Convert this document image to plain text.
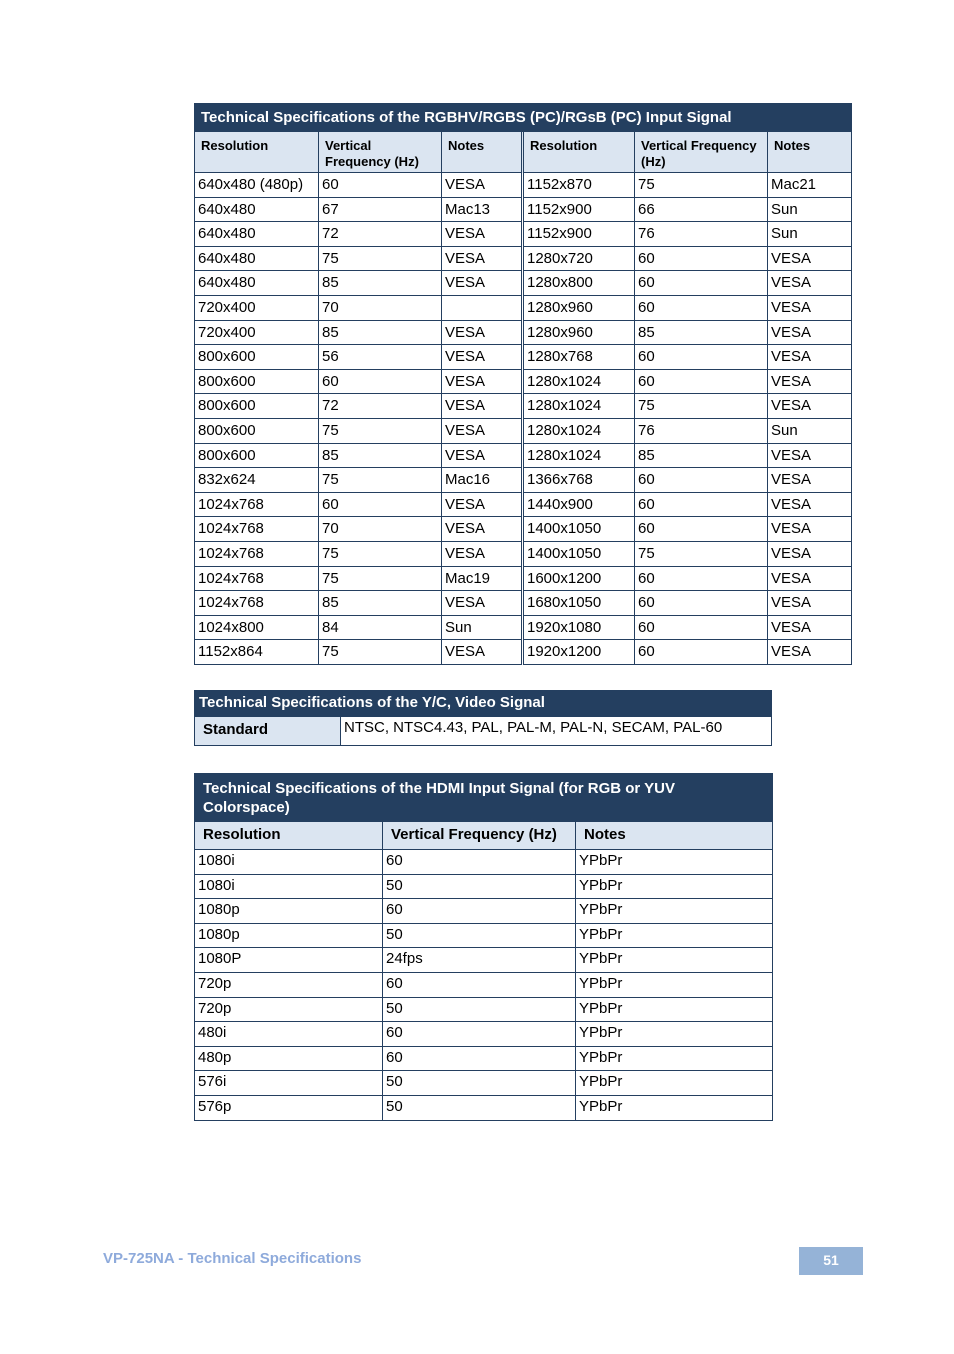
Technical Specifications of the RGBHV/RGBS (PC)/RGsB (PC) Input Signal					
Resolution	Vertical Frequency (Hz)	Notes	Resolution	Vertical Frequency (Hz)	Notes
640x480 (480p)	60	VESA	1152x870	75	Mac21
640x480	67	Mac13	1152x900	66	Sun
640x480	72	VESA	1152x900	76	Sun
640x480	75	VESA	1280x720	60	VESA
640x480	85	VESA	1280x800	60	VESA
720x400	70		1280x960	60	VESA
720x400	85	VESA	1280x960	85	VESA
800x600	56	VESA	1280x768	60	VESA
800x600	60	VESA	1280x1024	60	VESA
800x600	72	VESA	1280x1024	75	VESA
800x600	75	VESA	1280x1024	76	Sun
800x600	85	VESA	1280x1024	85	VESA
832x624	75	Mac16	1366x768	60	VESA
1024x768	60	VESA	1440x900	60	VESA
1024x768	70	VESA	1400x1050	60	VESA
1024x768	75	VESA	1400x1050	75	VESA
1024x768	75	Mac19	1600x1200	60	VESA
1024x768	85	VESA	1680x1050	60	VESA
1024x800	84	Sun	1920x1080	60	VESA
1152x864	75	VESA	1920x1200	60	VESA
Technical Specifications of the Y/C, Video Signal
Standard	NTSC, NTSC4.43, PAL, PAL-M, PAL-N, SECAM, PAL-60
Technical Specifications of the HDMI Input Signal (for RGB or YUV Colorspace)		
Resolution	Vertical Frequency (Hz)	Notes
1080i	60	YPbPr
1080i	50	YPbPr
1080p	60	YPbPr
1080p	50	YPbPr
1080P	24fps	YPbPr
720p	60	YPbPr
720p	50	YPbPr
480i	60	YPbPr
480p	60	YPbPr
576i	50	YPbPr
576p	50	YPbPr
VP-725NA - Technical Specifications	51
